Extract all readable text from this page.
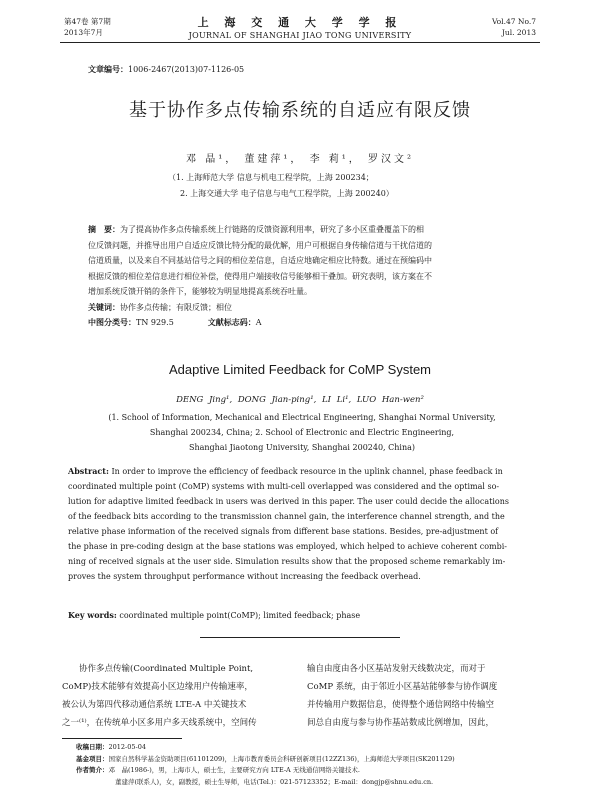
第47卷 第7期
2013年7月
上 海 交 通 大 学 学 报
JOURNAL OF SHANGHAI JIAO TONG UNIVERSITY
Vol.47 No.7
Jul. 2013
文章编号：1006-2467(2013)07-1126-05
基于协作多点传输系统的自适应有限反馈
邓 晶¹， 董建萍¹， 李 莉¹， 罗汉文²
（1. 上海师范大学 信息与机电工程学院，上海 200234；
2. 上海交通大学 电子信息与电气工程学院，上海 200240）
摘　要：为了提高协作多点传输系统上行链路的反馈资源利用率，研究了多小区重叠覆盖下的相
位反馈问题，并推导出用户自适应反馈比特分配的最优解，用户可根据自身传输信道与干扰信道的
信道质量，以及来自不同基站信号之间的相位差信息，自适应地确定相应比特数。通过在预编码中
根据反馈的相位差信息进行相位补偿，使得用户端接收信号能够相干叠加。研究表明，该方案在不
增加系统反馈开销的条件下，能够较为明显地提高系统吞吐量。
关键词：协作多点传输；有限反馈；相位
中图分类号：TN 929.5	文献标志码：A
Adaptive Limited Feedback for CoMP System
DENG Jing¹, DONG Jian-ping¹, LI Li¹, LUO Han-wen²
(1. School of Information, Mechanical and Electrical Engineering, Shanghai Normal University,
Shanghai 200234, China; 2. School of Electronic and Electric Engineering,
Shanghai Jiaotong University, Shanghai 200240, China)
Abstract: In order to improve the efficiency of feedback resource in the uplink channel, phase feedback in
coordinated multiple point (CoMP) systems with multi-cell overlapped was considered and the optimal so-
lution for adaptive limited feedback in users was derived in this paper. The user could decide the allocations
of the feedback bits according to the transmission channel gain, the interference channel strength, and the
relative phase information of the received signals from different base stations. Besides, pre-adjustment of
the phase in pre-coding design at the base stations was employed, which helped to achieve coherent combi-
ning of received signals at the user side. Simulation results show that the proposed scheme remarkably im-
proves the system throughput performance without increasing the feedback overhead.
Key words: coordinated multiple point(CoMP); limited feedback; phase
　　协作多点传输(Coordinated Multiple Point,
CoMP)技术能够有效提高小区边缘用户传输速率，
被公认为第四代移动通信系统 LTE-A 中关键技术
之一⁽¹⁾，在传统单小区多用户多天线系统中，空间传
输自由度由各小区基站发射天线数决定，而对于
CoMP 系统，由于邻近小区基站能够参与协作调度
并传输用户数据信息，使得整个通信网络中传输空
间总自由度与参与协作基站数成比例增加，因此，
收稿日期：2012-05-04
基金项目：国家自然科学基金资助项目(61101209)，上海市教育委员会科研创新项目(12ZZ136)，上海师范大学项目(SK201129)
作者简介：邓　晶(1986-)，男，上海市人，硕士生，主要研究方向 LTE-A 无线通信网络关键技术.
　　　　　　董建萍(联系人)，女，副教授，硕士生导师，电话(Tel.)：021-57123352；E-mail：dongjp@shnu.edu.cn.
